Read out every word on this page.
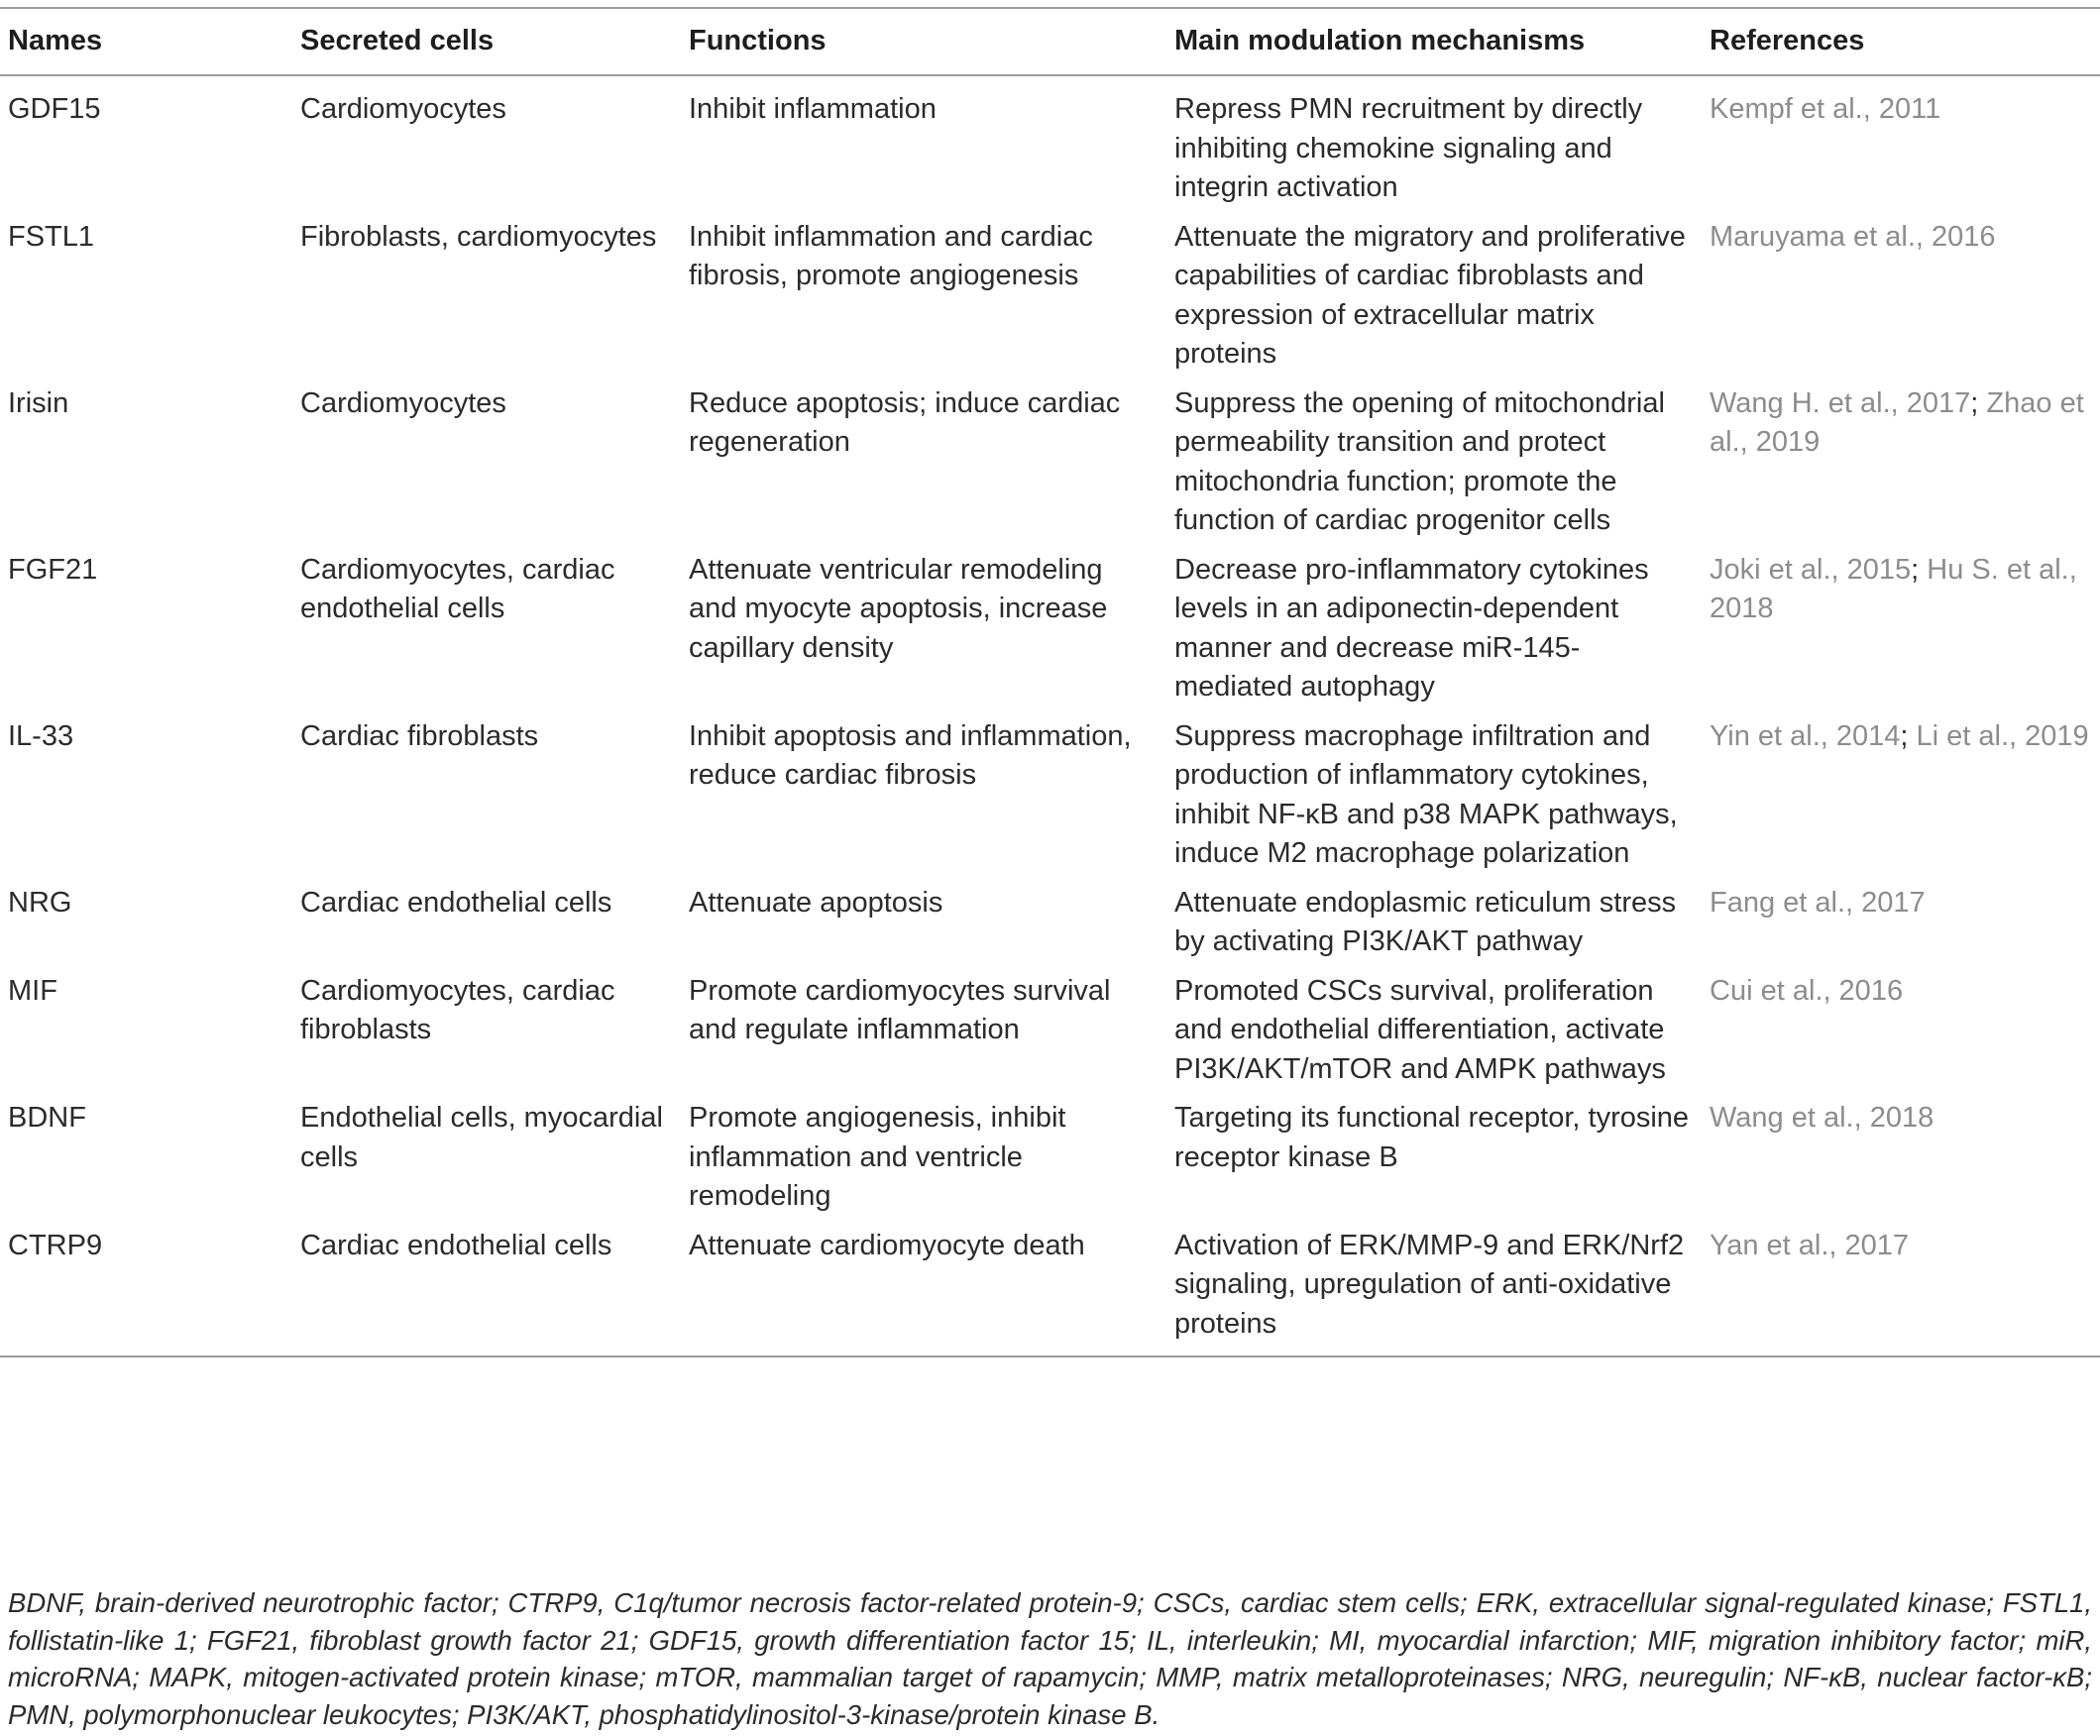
Names	Secreted cells	Functions	Main modulation mechanisms	References
GDF15	Cardiomyocytes	Inhibit inflammation	Repress PMN recruitment by directly inhibiting chemokine signaling and integrin activation	Kempf et al., 2011
FSTL1	Fibroblasts, cardiomyocytes	Inhibit inflammation and cardiac fibrosis, promote angiogenesis	Attenuate the migratory and proliferative capabilities of cardiac fibroblasts and expression of extracellular matrix proteins	Maruyama et al., 2016
Irisin	Cardiomyocytes	Reduce apoptosis; induce cardiac regeneration	Suppress the opening of mitochondrial permeability transition and protect mitochondria function; promote the function of cardiac progenitor cells	Wang H. et al., 2017; Zhao et al., 2019
FGF21	Cardiomyocytes, cardiac endothelial cells	Attenuate ventricular remodeling and myocyte apoptosis, increase capillary density	Decrease pro-inflammatory cytokines levels in an adiponectin-dependent manner and decrease miR-145-mediated autophagy	Joki et al., 2015; Hu S. et al., 2018
IL-33	Cardiac fibroblasts	Inhibit apoptosis and inflammation, reduce cardiac fibrosis	Suppress macrophage infiltration and production of inflammatory cytokines, inhibit NF-κB and p38 MAPK pathways, induce M2 macrophage polarization	Yin et al., 2014; Li et al., 2019
NRG	Cardiac endothelial cells	Attenuate apoptosis	Attenuate endoplasmic reticulum stress by activating PI3K/AKT pathway	Fang et al., 2017
MIF	Cardiomyocytes, cardiac fibroblasts	Promote cardiomyocytes survival and regulate inflammation	Promoted CSCs survival, proliferation and endothelial differentiation, activate PI3K/AKT/mTOR and AMPK pathways	Cui et al., 2016
BDNF	Endothelial cells, myocardial cells	Promote angiogenesis, inhibit inflammation and ventricle remodeling	Targeting its functional receptor, tyrosine receptor kinase B	Wang et al., 2018
CTRP9	Cardiac endothelial cells	Attenuate cardiomyocyte death	Activation of ERK/MMP-9 and ERK/Nrf2 signaling, upregulation of anti-oxidative proteins	Yan et al., 2017

BDNF, brain-derived neurotrophic factor; CTRP9, C1q/tumor necrosis factor-related protein-9; CSCs, cardiac stem cells; ERK, extracellular signal-regulated kinase; FSTL1, follistatin-like 1; FGF21, fibroblast growth factor 21; GDF15, growth differentiation factor 15; IL, interleukin; MI, myocardial infarction; MIF, migration inhibitory factor; miR, microRNA; MAPK, mitogen-activated protein kinase; mTOR, mammalian target of rapamycin; MMP, matrix metalloproteinases; NRG, neuregulin; NF-κB, nuclear factor-κB; PMN, polymorphonuclear leukocytes; PI3K/AKT, phosphatidylinositol-3-kinase/protein kinase B.
